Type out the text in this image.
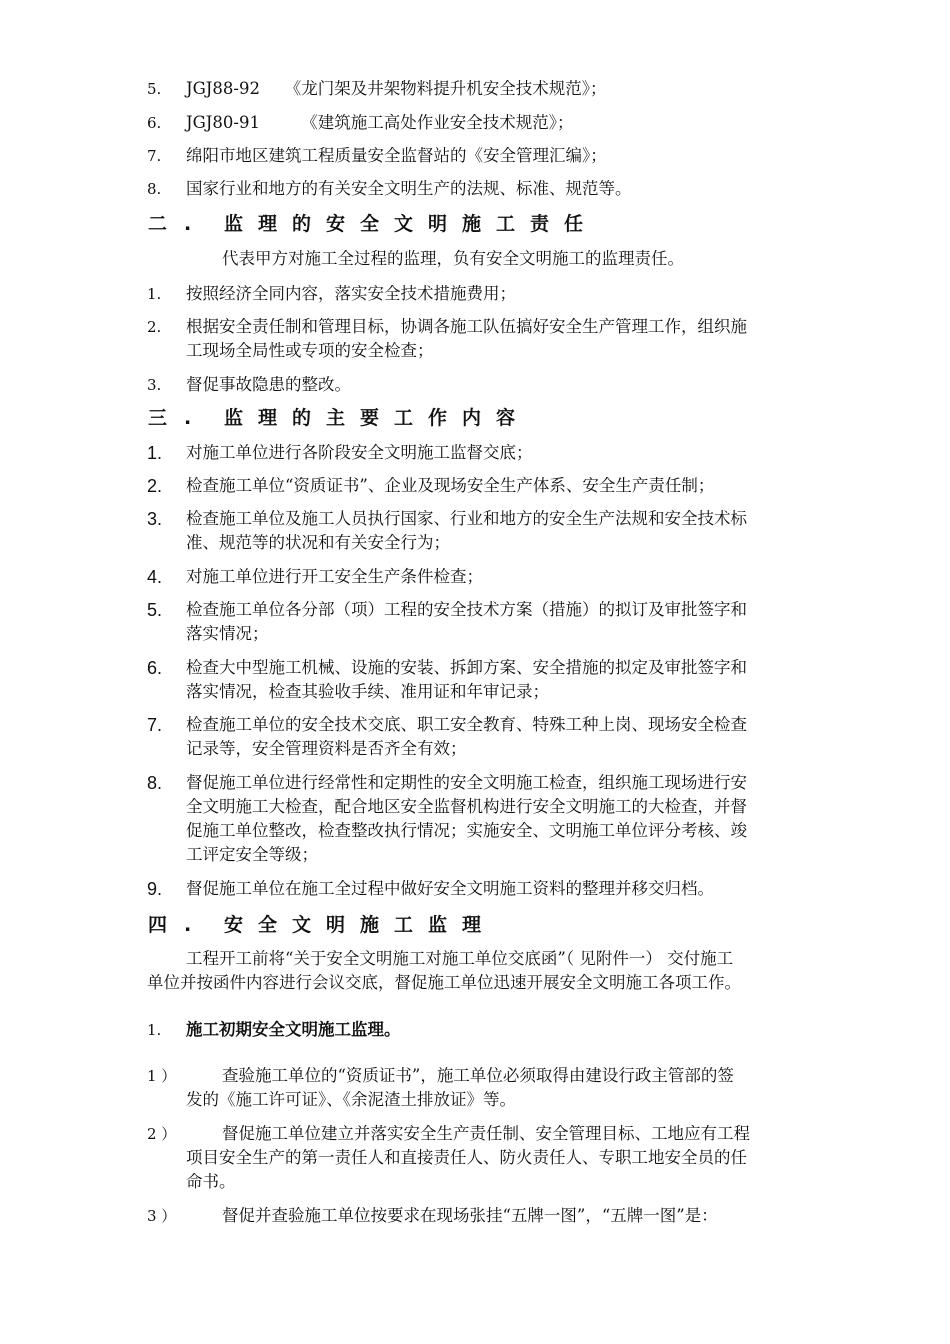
5. JGJ88-92　　《龙门架及井架物料提升机安全技术规范》；
6. JGJ80-91　　　《建筑施工高处作业安全技术规范》；
7. 绵阳市地区建筑工程质量安全监督站的《安全管理汇编》；
8. 国家行业和地方的有关安全文明生产的法规、标准、规范等。
二 . 监理的安全文明施工责任
代表甲方对施工全过程的监理，负有安全文明施工的监理责任。
1. 按照经济全同内容，落实安全技术措施费用；
2. 根据安全责任制和管理目标，协调各施工队伍搞好安全生产管理工作，组织施
工现场全局性或专项的安全检查；
3. 督促事故隐患的整改。
三 . 监理的主要工作内容
1. 对施工单位进行各阶段安全文明施工监督交底；
2. 检查施工单位“资质证书”、企业及现场安全生产体系、安全生产责任制；
3. 检查施工单位及施工人员执行国家、行业和地方的安全生产法规和安全技术标
准、规范等的状况和有关安全行为；
4. 对施工单位进行开工安全生产条件检查；
5. 检查施工单位各分部（项）工程的安全技术方案（措施）的拟订及审批签字和
落实情况；
6. 检查大中型施工机械、设施的安装、拆卸方案、安全措施的拟定及审批签字和
落实情况，检查其验收手续、准用证和年审记录；
7. 检查施工单位的安全技术交底、职工安全教育、特殊工种上岗、现场安全检查
记录等，安全管理资料是否齐全有效；
8. 督促施工单位进行经常性和定期性的安全文明施工检查，组织施工现场进行安
全文明施工大检查，配合地区安全监督机构进行安全文明施工的大检查，并督
促施工单位整改，检查整改执行情况；实施安全、文明施工单位评分考核、竣
工评定安全等级；
9. 督促施工单位在施工全过程中做好安全文明施工资料的整理并移交归档。
四 . 安全文明施工监理
工程开工前将“关于安全文明施工对施工单位交底函”（ 见附件一） 交付施工
单位并按函件内容进行会议交底，督促施工单位迅速开展安全文明施工各项工作。
1. 施工初期安全文明施工监理。
1 ）	查验施工单位的“资质证书”，施工单位必须取得由建设行政主管部的签
发的《施工许可证》、《余泥渣土排放证》等。
2 ）	督促施工单位建立并落实安全生产责任制、安全管理目标、工地应有工程
项目安全生产的第一责任人和直接责任人、防火责任人、专职工地安全员的任
命书。
3 ）	督促并查验施工单位按要求在现场张挂“五牌一图”，“五牌一图”是：
